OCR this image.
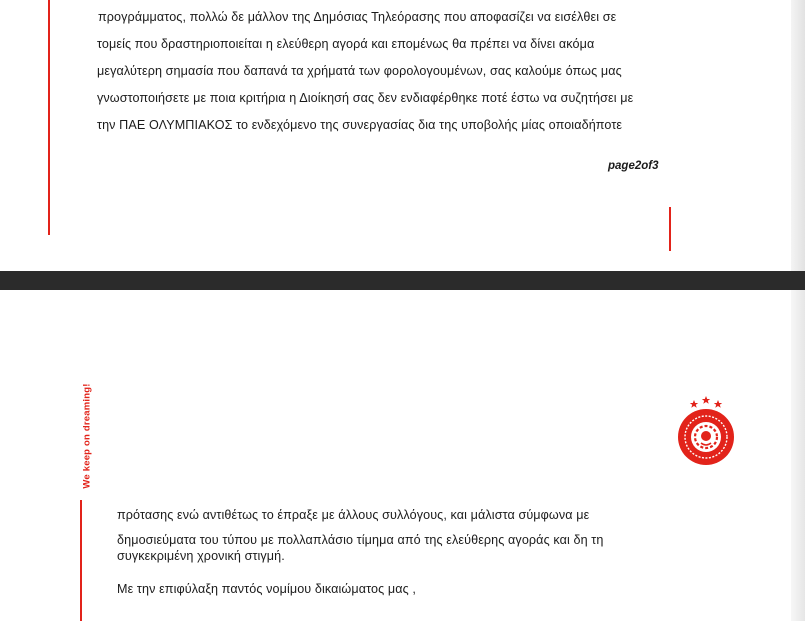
προγράμματος, πολλώ δε μάλλον της Δημόσιας Τηλεόρασης που αποφασίζει να εισέλθει σε
τομείς που δραστηριοποιείται η ελεύθερη αγορά και επομένως θα πρέπει να δίνει ακόμα
μεγαλύτερη σημασία που δαπανά τα χρήματά των φορολογουμένων, σας καλούμε όπως μας
γνωστοποιήσετε με ποια κριτήρια η Διοίκησή σας δεν ενδιαφέρθηκε ποτέ έστω να συζητήσει με
την ΠΑΕ ΟΛΥΜΠΙΑΚΟΣ το ενδεχόμενο της συνεργασίας δια της υποβολής μίας οποιαδήποτε
page2of3
We keep on dreaming!
πρότασης ενώ αντιθέτως το έπραξε με άλλους συλλόγους, και μάλιστα σύμφωνα με
δημοσιεύματα του τύπου με πολλαπλάσιο τίμημα από της ελεύθερης αγοράς και δη τη
συγκεκριμένη χρονική στιγμή.
Με την επιφύλαξη παντός νομίμου δικαιώματος μας ,
